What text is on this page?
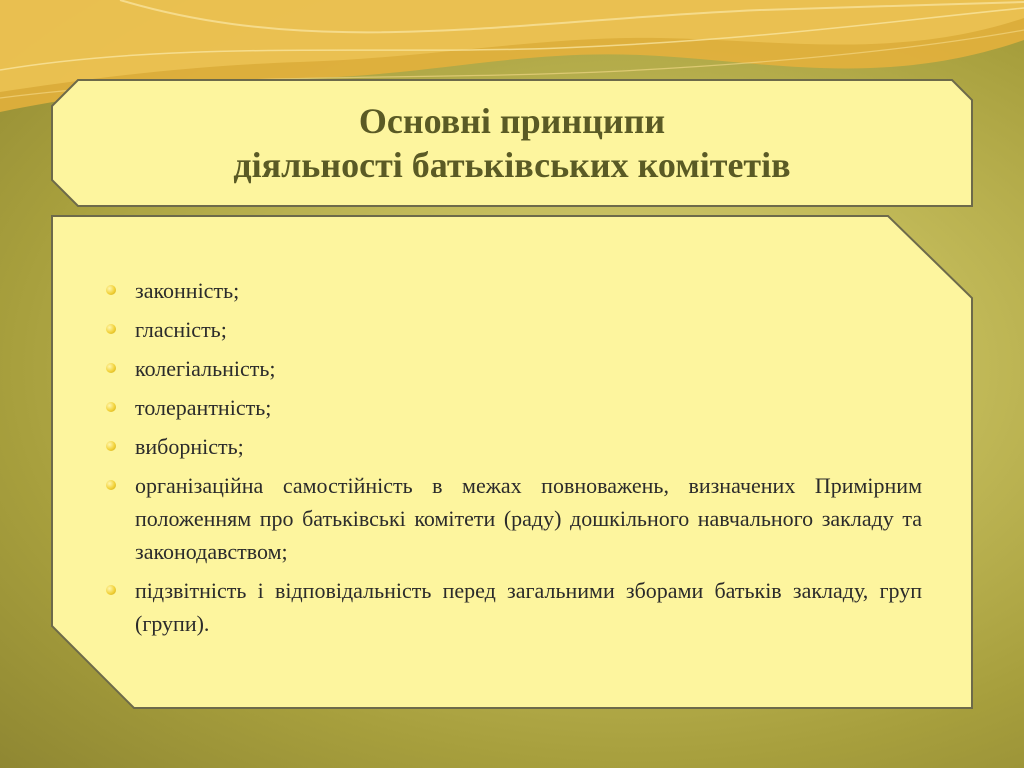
Основні принципи
діяльності батьківських комітетів
законність;
гласність;
колегіальність;
толерантність;
виборність;
організаційна самостійність в межах повноважень, визначених Примірним положенням про батьківські комітети (раду) дошкільного навчального закладу та законодавством;
підзвітність і відповідальність перед загальними зборами батьків закладу, груп (групи).
